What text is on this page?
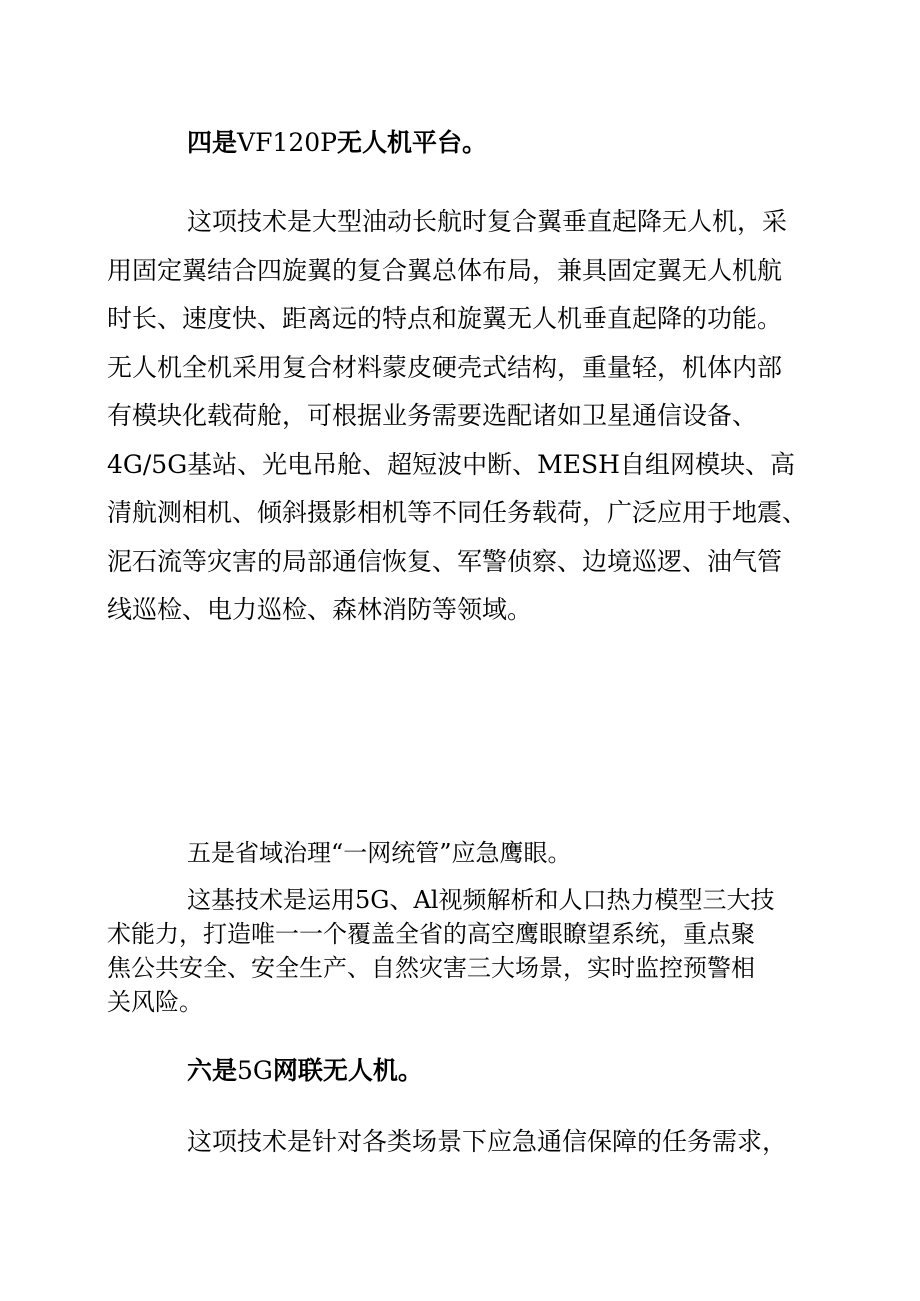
四是VF120P无人机平台。
这项技术是大型油动长航时复合翼垂直起降无人机，采
用固定翼结合四旋翼的复合翼总体布局，兼具固定翼无人机航
时长、速度快、距离远的特点和旋翼无人机垂直起降的功能。
无人机全机采用复合材料蒙皮硬壳式结构，重量轻，机体内部
有模块化载荷舱，可根据业务需要选配诸如卫星通信设备、
4G/5G基站、光电吊舱、超短波中断、MESH自组网模块、高
清航测相机、倾斜摄影相机等不同任务载荷，广泛应用于地震、
泥石流等灾害的局部通信恢复、军警侦察、边境巡逻、油气管
线巡检、电力巡检、森林消防等领域。
五是省域治理“一网统管”应急鹰眼。
这基技术是运用5G、Al视频解析和人口热力模型三大技
术能力，打造唯一一个覆盖全省的高空鹰眼瞭望系统，重点聚
焦公共安全、安全生产、自然灾害三大场景，实时监控预警相
关风险。
六是5G网联无人机。
这项技术是针对各类场景下应急通信保障的任务需求，
